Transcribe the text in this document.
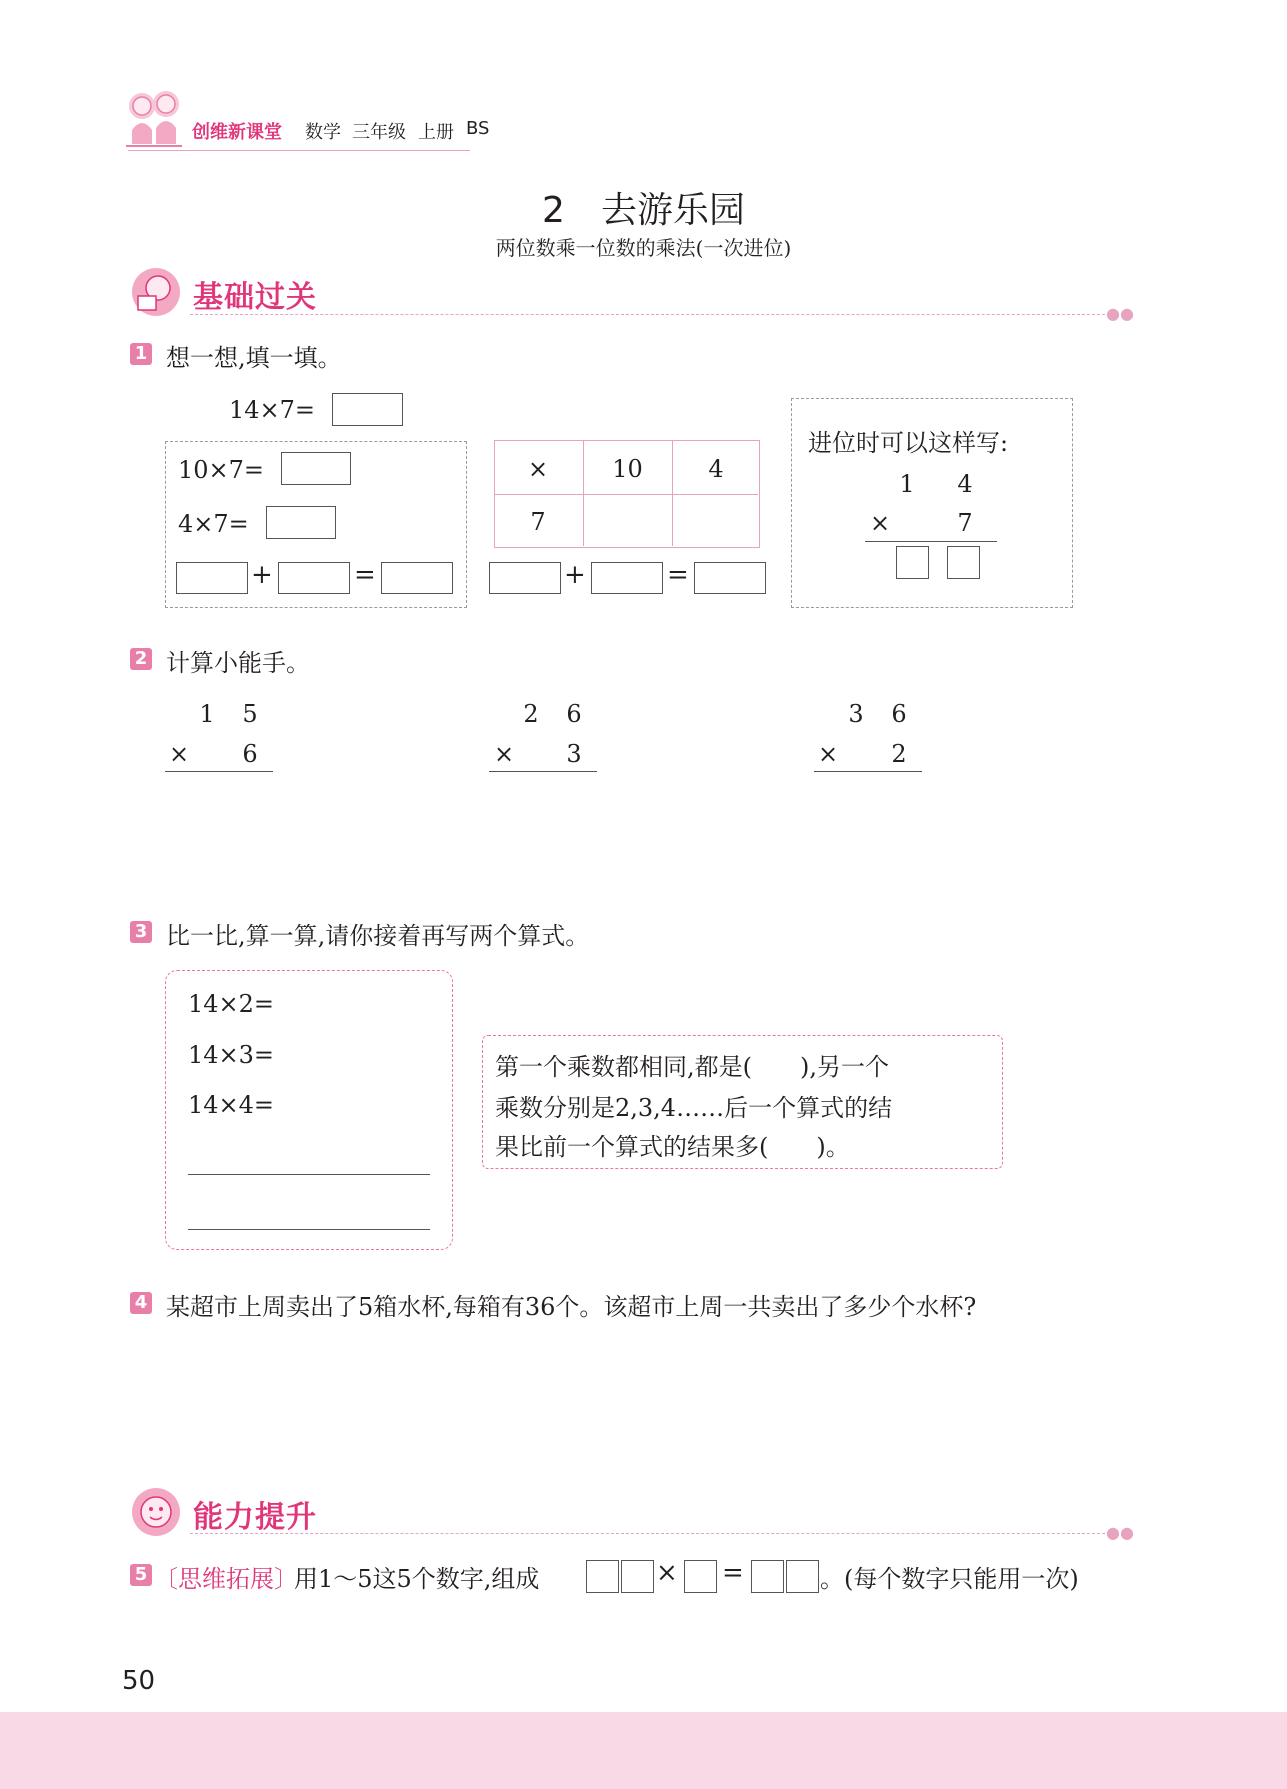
创维新课堂 数学 三年级 上册 BS
2　去游乐园
两位数乘一位数的乘法(一次进位)
基础过关	●●
1 想一想,填一填。
14×7=
10×7=
4×7=
+	=
×	10	4
7
+	=
进位时可以这样写:
1 4
×	7
2 计算小能手。
1 5
× 6
2 6
× 3
3 6
× 2
3 比一比,算一算,请你接着再写两个算式。
14×2=
14×3=
14×4=
第一个乘数都相同,都是(　　),另一个
乘数分别是2,3,4……后一个算式的结
果比前一个算式的结果多(　　)。
4 某超市上周卖出了5箱水杯,每箱有36个。该超市上周一共卖出了多少个水杯?
能力提升	●●
5 〔思维拓展〕
用1～5这5个数字,组成	× =	。(每个数字只能用一次)
50
